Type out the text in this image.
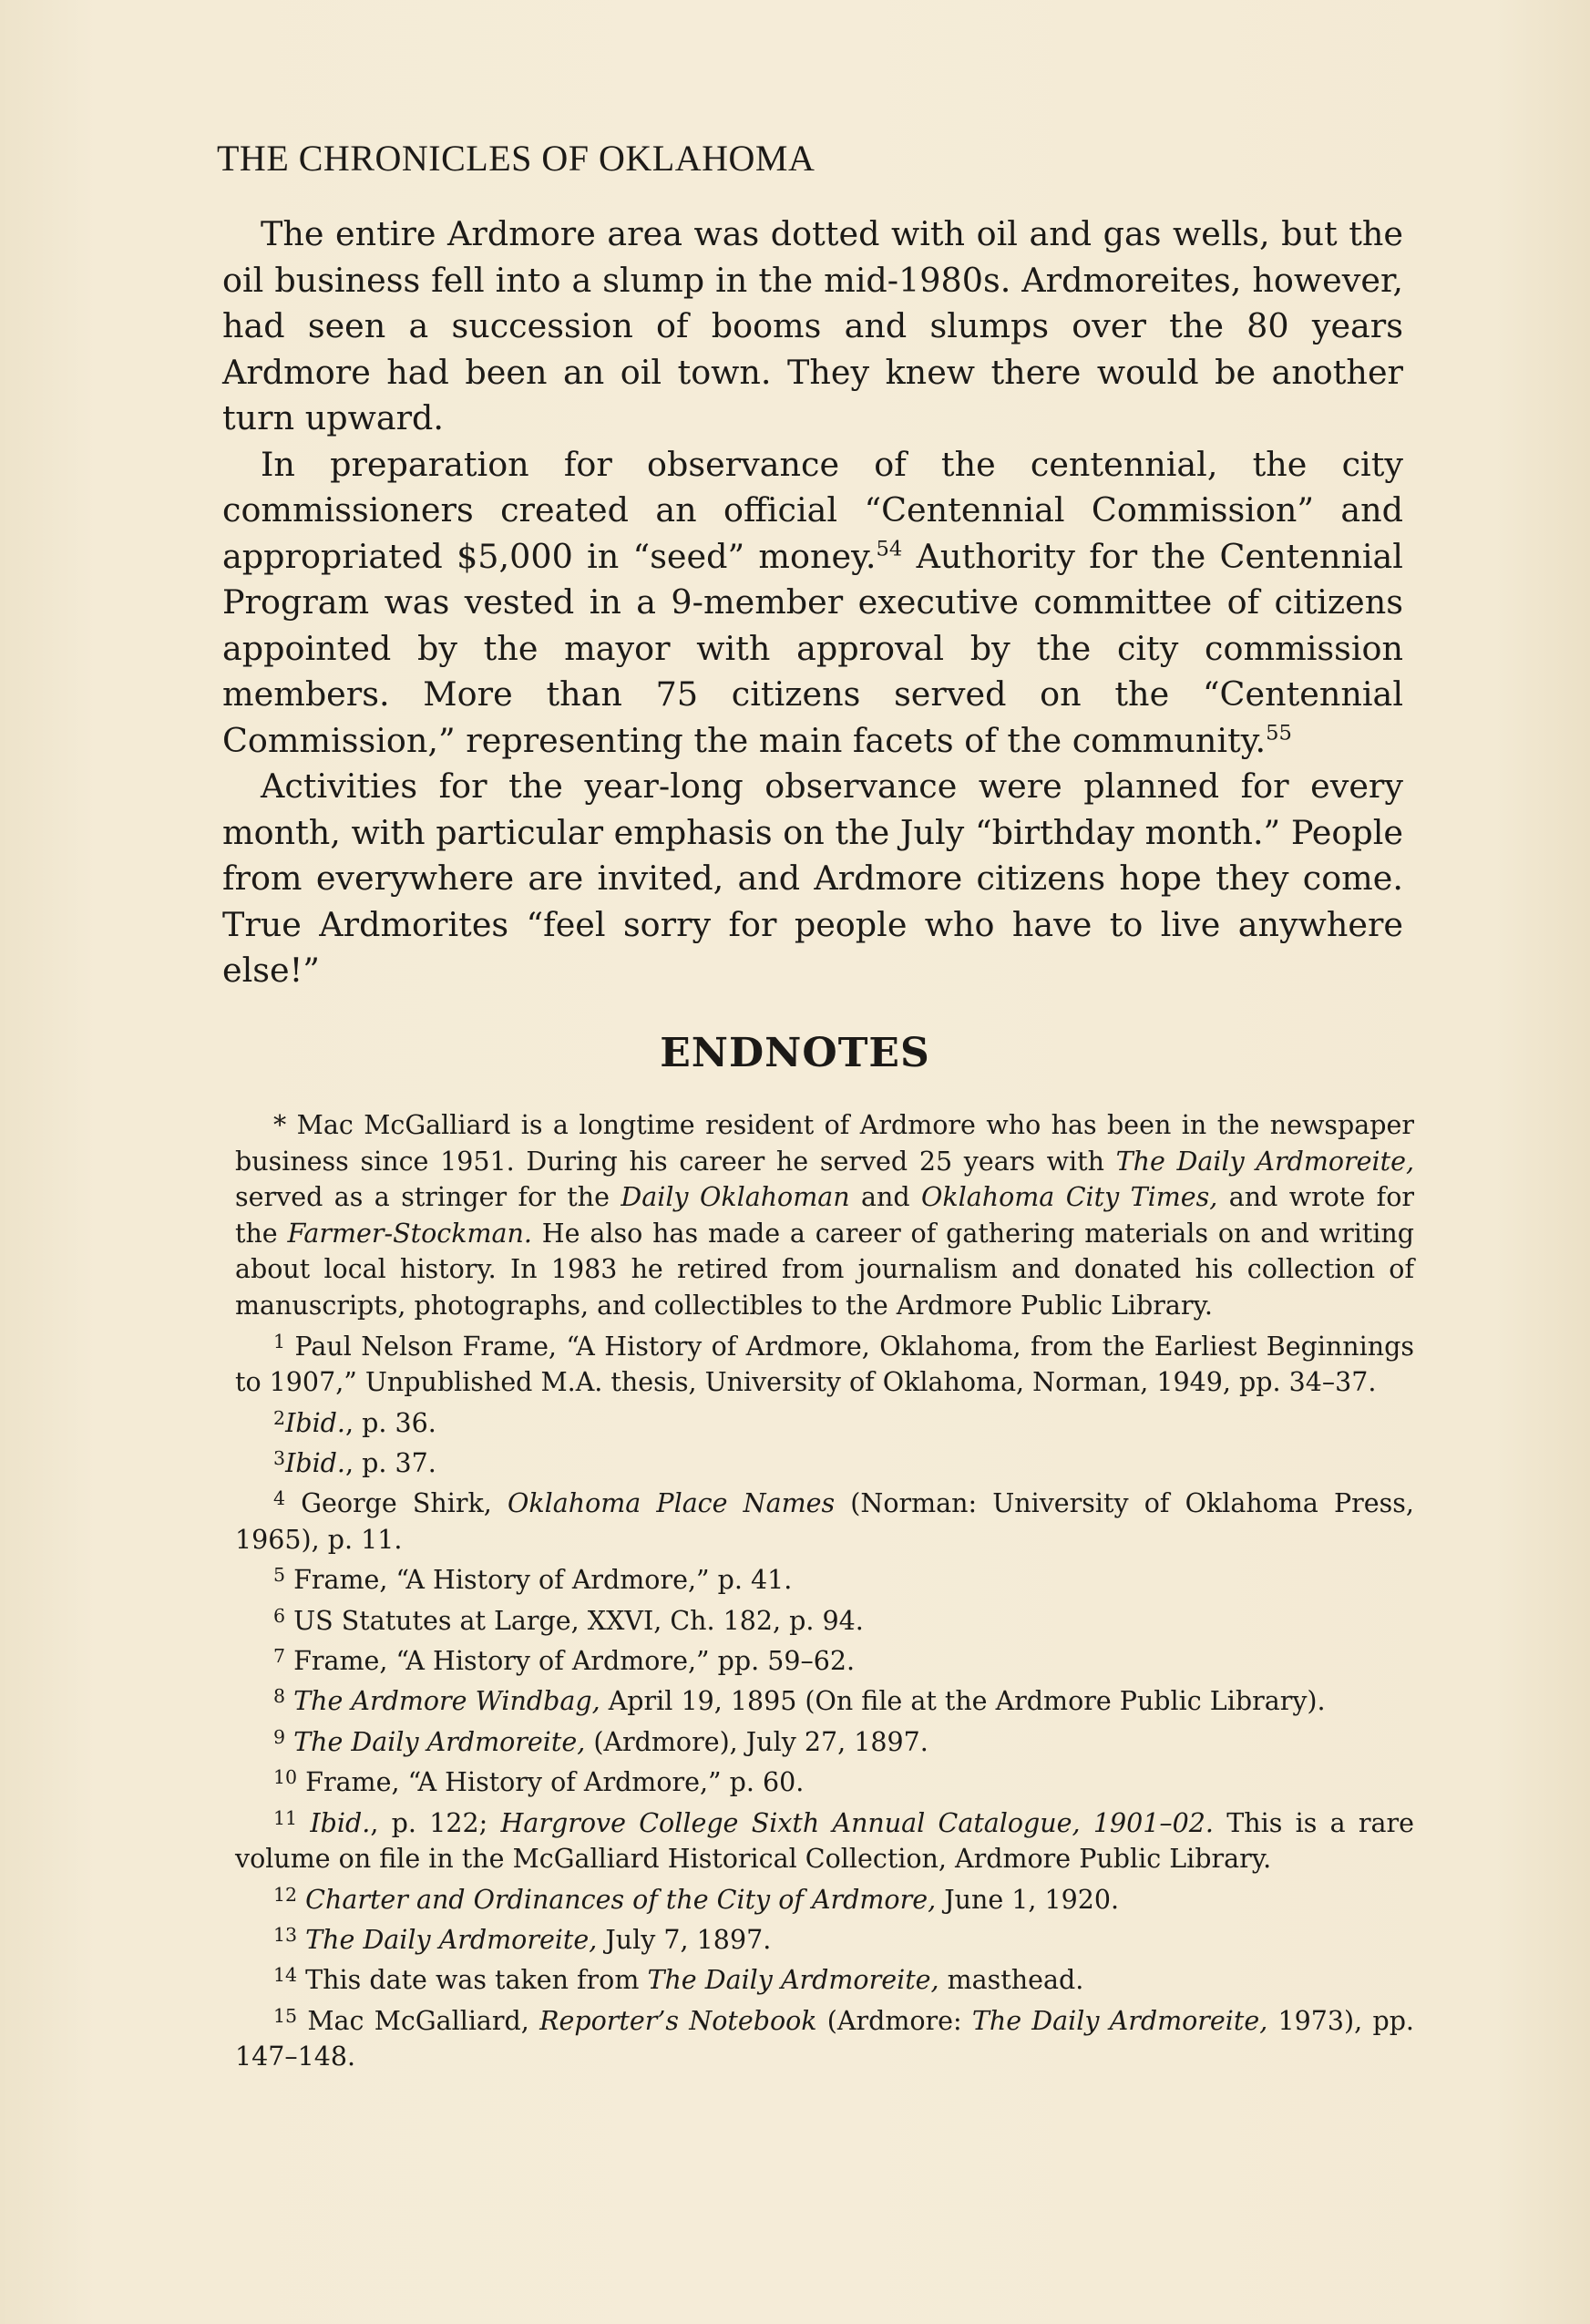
THE CHRONICLES OF OKLAHOMA

The entire Ardmore area was dotted with oil and gas wells, but the oil business fell into a slump in the mid-1980s. Ardmoreites, however, had seen a succession of booms and slumps over the 80 years Ardmore had been an oil town. They knew there would be another turn upward.

In preparation for observance of the centennial, the city commissioners created an official “Centennial Commission” and appropriated $5,000 in “seed” money.$^{54}$ Authority for the Centennial Program was vested in a 9-member executive committee of citizens appointed by the mayor with approval by the city commission members. More than 75 citizens served on the “Centennial Commission,” representing the main facets of the community.$^{55}$

Activities for the year-long observance were planned for every month, with particular emphasis on the July “birthday month.” People from everywhere are invited, and Ardmore citizens hope they come. True Ardmorites “feel sorry for people who have to live anywhere else!”

ENDNOTES

* Mac McGalliard is a longtime resident of Ardmore who has been in the newspaper business since 1951. During his career he served 25 years with The Daily Ardmoreite, served as a stringer for the Daily Oklahoman and Oklahoma City Times, and wrote for the Farmer-Stockman. He also has made a career of gathering materials on and writing about local history. In 1983 he retired from journalism and donated his collection of manuscripts, photographs, and collectibles to the Ardmore Public Library.

$^1$ Paul Nelson Frame, “A History of Ardmore, Oklahoma, from the Earliest Beginnings to 1907,” Unpublished M.A. thesis, University of Oklahoma, Norman, 1949, pp. 34–37.

$^2$Ibid., p. 36.

$^3$Ibid., p. 37.

$^4$ George Shirk, Oklahoma Place Names (Norman: University of Oklahoma Press, 1965), p. 11.

$^5$ Frame, “A History of Ardmore,” p. 41.

$^6$ US Statutes at Large, XXVI, Ch. 182, p. 94.

$^7$ Frame, “A History of Ardmore,” pp. 59–62.

$^8$ The Ardmore Windbag, April 19, 1895 (On file at the Ardmore Public Library).

$^9$ The Daily Ardmoreite, (Ardmore), July 27, 1897.

$^{10}$ Frame, “A History of Ardmore,” p. 60.

$^{11}$ Ibid., p. 122; Hargrove College Sixth Annual Catalogue, 1901–02. This is a rare volume on file in the McGalliard Historical Collection, Ardmore Public Library.

$^{12}$ Charter and Ordinances of the City of Ardmore, June 1, 1920.

$^{13}$ The Daily Ardmoreite, July 7, 1897.

$^{14}$ This date was taken from The Daily Ardmoreite, masthead.

$^{15}$ Mac McGalliard, Reporter’s Notebook (Ardmore: The Daily Ardmoreite, 1973), pp. 147–148.
